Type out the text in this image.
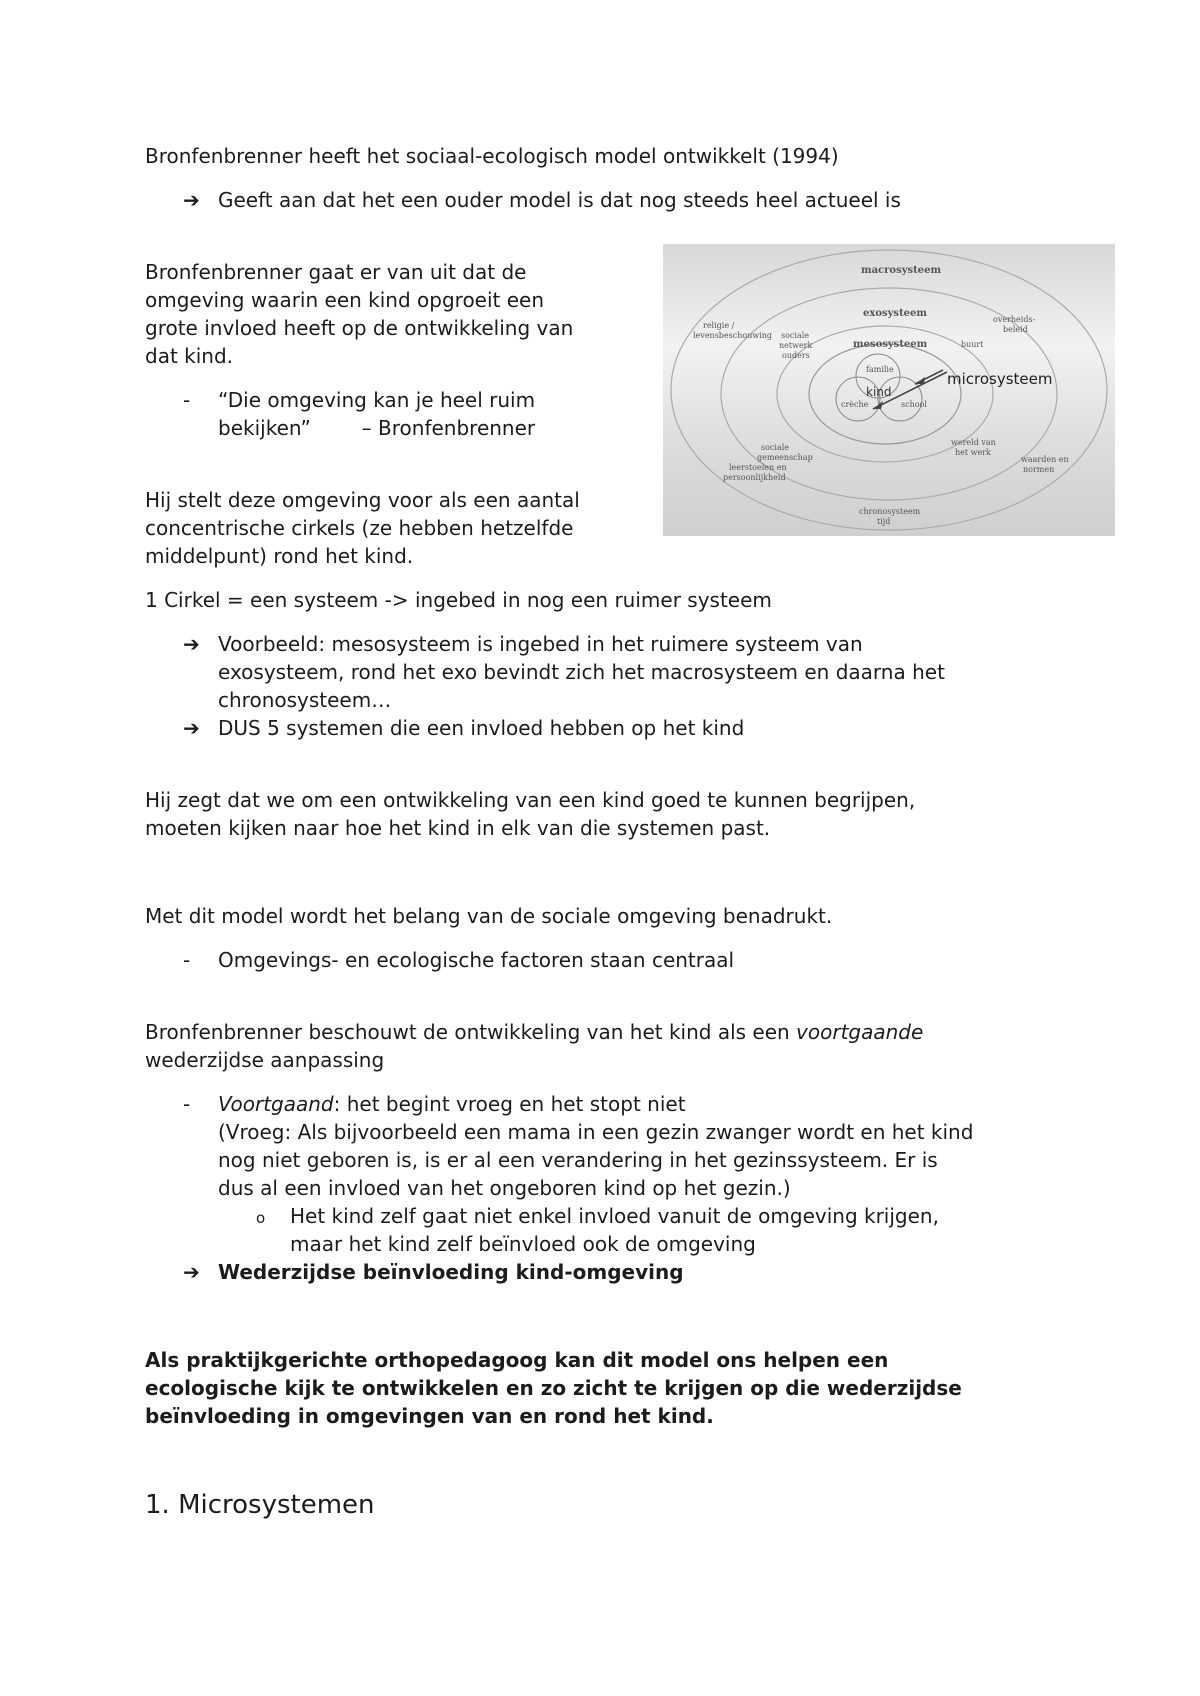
Bronfenbrenner heeft het sociaal-ecologisch model ontwikkelt (1994)
➔ Geeft aan dat het een ouder model is dat nog steeds heel actueel is
Bronfenbrenner gaat er van uit dat de
omgeving waarin een kind opgroeit een
grote invloed heeft op de ontwikkeling van
dat kind.
- “Die omgeving kan je heel ruim
bekijken”        – Bronfenbrenner
Hij stelt deze omgeving voor als een aantal
concentrische cirkels (ze hebben hetzelfde
middelpunt) rond het kind.
macrosysteem
exosysteem
mesosysteem
microsysteem
kind
familie
school
crèche
religie /
levensbeschouwing sociale
netwerk
ouders
buurt
sociale
gemeenschap
wereld van
het werk
waarden en
normen
overheids-
beleid
leerstoelen en
persoonlijkheid
chronosysteem
tijd
1 Cirkel = een systeem -> ingebed in nog een ruimer systeem
➔ Voorbeeld: mesosysteem is ingebed in het ruimere systeem van
exosysteem, rond het exo bevindt zich het macrosysteem en daarna het
chronosysteem…
➔ DUS 5 systemen die een invloed hebben op het kind
Hij zegt dat we om een ontwikkeling van een kind goed te kunnen begrijpen,
moeten kijken naar hoe het kind in elk van die systemen past.
Met dit model wordt het belang van de sociale omgeving benadrukt.
- Omgevings- en ecologische factoren staan centraal
Bronfenbrenner beschouwt de ontwikkeling van het kind als een voortgaande
wederzijdse aanpassing
- Voortgaand: het begint vroeg en het stopt niet
(Vroeg: Als bijvoorbeeld een mama in een gezin zwanger wordt en het kind
nog niet geboren is, is er al een verandering in het gezinssysteem. Er is
dus al een invloed van het ongeboren kind op het gezin.)
o Het kind zelf gaat niet enkel invloed vanuit de omgeving krijgen,
maar het kind zelf beïnvloed ook de omgeving
➔ Wederzijdse beïnvloeding kind-omgeving
Als praktijkgerichte orthopedagoog kan dit model ons helpen een
ecologische kijk te ontwikkelen en zo zicht te krijgen op die wederzijdse
beïnvloeding in omgevingen van en rond het kind.
1. Microsystemen
